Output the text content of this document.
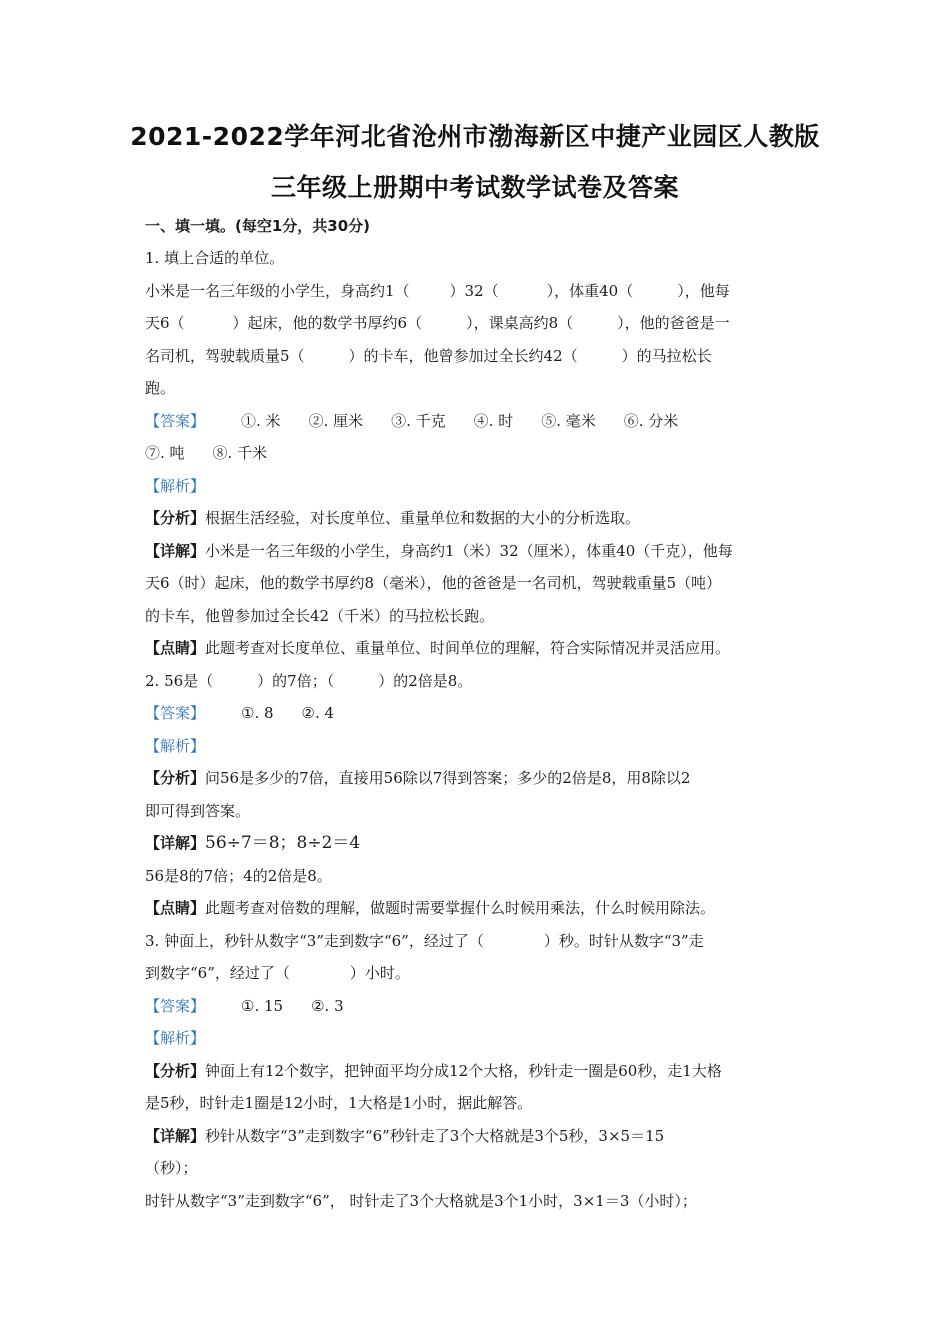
2021-2022学年河北省沧州市渤海新区中捷产业园区人教版
三年级上册期中考试数学试卷及答案
一、填一填。(每空1分，共30分)
1. 填上合适的单位。
小米是一名三年级的小学生，身高约1（	）32（	），体重40（	），他每
天6（	）起床，他的数学书厚约6（	），课桌高约8（	），他的爸爸是一
名司机，驾驶载质量5（	）的卡车，他曾参加过全长约42（	）的马拉松长
跑。
【答案】 ①. 米 ②. 厘米 ③. 千克 ④. 时 ⑤. 毫米 ⑥. 分米
⑦. 吨 ⑧. 千米
【解析】
【分析】根据生活经验，对长度单位、重量单位和数据的大小的分析选取。
【详解】小米是一名三年级的小学生，身高约1（米）32（厘米），体重40（千克），他每
天6（时）起床，他的数学书厚约8（毫米），他的爸爸是一名司机，驾驶载重量5（吨）
的卡车，他曾参加过全长42（千米）的马拉松长跑。
【点睛】此题考查对长度单位、重量单位、时间单位的理解，符合实际情况并灵活应用。
2. 56是（	）的7倍；（	）的2倍是8。
【答案】 ①. 8 ②. 4
【解析】
【分析】问56是多少的7倍，直接用56除以7得到答案；多少的2倍是8，用8除以2
即可得到答案。
【详解】56÷7＝8；8÷2＝4
56是8的7倍；4的2倍是8。
【点睛】此题考查对倍数的理解，做题时需要掌握什么时候用乘法，什么时候用除法。
3. 钟面上，秒针从数字“3”走到数字“6”，经过了（	）秒。时针从数字“3”走
到数字“6”，经过了（	）小时。
【答案】 ①. 15 ②. 3
【解析】
【分析】钟面上有12个数字，把钟面平均分成12个大格，秒针走一圈是60秒，走1大格
是5秒，时针走1圈是12小时，1大格是1小时，据此解答。
【详解】秒针从数字“3”走到数字“6”秒针走了3个大格就是3个5秒，3×5＝15
（秒）；
时针从数字“3”走到数字“6”， 时针走了3个大格就是3个1小时，3×1＝3（小时）；
